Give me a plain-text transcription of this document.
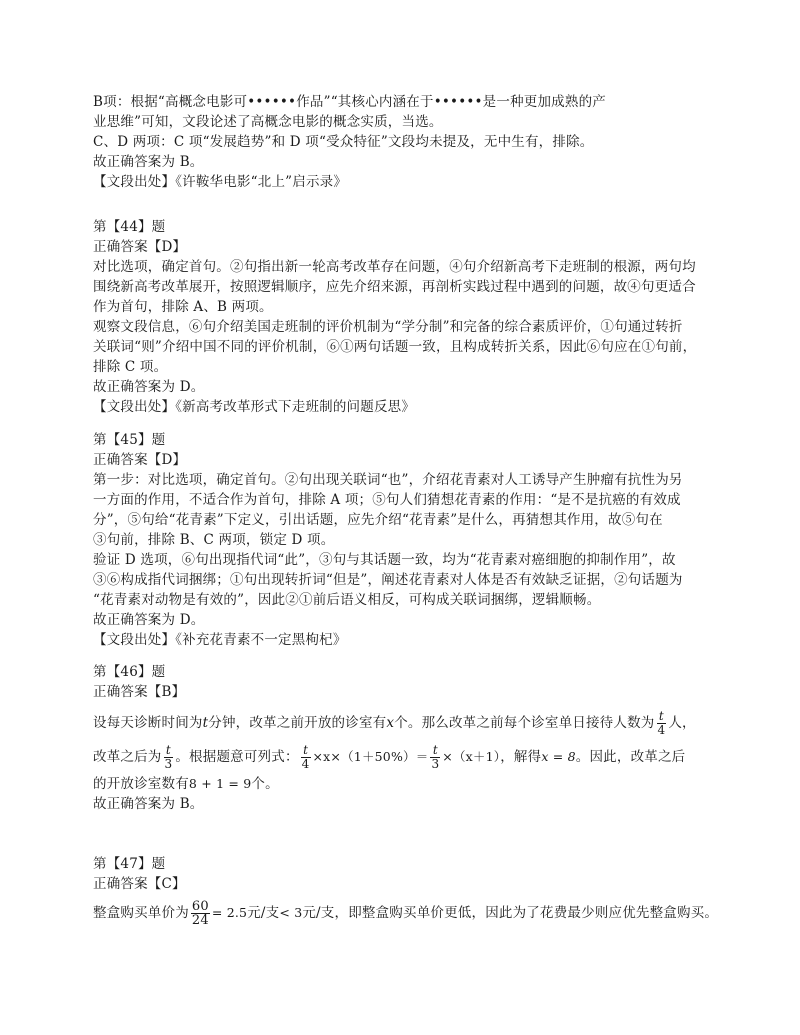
B项：根据“高概念电影可••••••作品”“其核心内涵在于••••••是一种更加成熟的产
业思维”可知，文段论述了高概念电影的概念实质，当选。
C、D 两项：C 项“发展趋势”和 D 项“受众特征”文段均未提及，无中生有，排除。
故正确答案为 B。
【文段出处】《许鞍华电影“北上”启示录》
第【44】题
正确答案【D】
对比选项，确定首句。②句指出新一轮高考改革存在问题，④句介绍新高考下走班制的根源，两句均
围绕新高考改革展开，按照逻辑顺序，应先介绍来源，再剖析实践过程中遇到的问题，故④句更适合
作为首句，排除 A、B 两项。
观察文段信息，⑥句介绍美国走班制的评价机制为“学分制”和完备的综合素质评价，①句通过转折
关联词“则”介绍中国不同的评价机制，⑥①两句话题一致，且构成转折关系，因此⑥句应在①句前，
排除 C 项。
故正确答案为 D。
【文段出处】《新高考改革形式下走班制的问题反思》
第【45】题
正确答案【D】
第一步：对比选项，确定首句。②句出现关联词“也”，介绍花青素对人工诱导产生肿瘤有抗性为另
一方面的作用，不适合作为首句，排除 A 项；⑤句人们猜想花青素的作用：“是不是抗癌的有效成
分”，⑤句给“花青素”下定义，引出话题，应先介绍“花青素”是什么，再猜想其作用，故⑤句在
③句前，排除 B、C 两项，锁定 D 项。
验证 D 选项，⑥句出现指代词“此”，③句与其话题一致，均为“花青素对癌细胞的抑制作用”，故
③⑥构成指代词捆绑；①句出现转折词“但是”，阐述花青素对人体是否有效缺乏证据，②句话题为
“花青素对动物是有效的”，因此②①前后语义相反，可构成关联词捆绑，逻辑顺畅。
故正确答案为 D。
【文段出处】《补充花青素不一定黑枸杞》
第【46】题
正确答案【B】
设每天诊断时间为t分钟，改革之前开放的诊室有x个。那么改革之前每个诊室单日接待人数为 $\frac{t}{4}$ 人，
改革之后为 $\frac{t}{3}$ 。根据题意可列式： $\frac{t}{4} \times x\times(1+50\%)= \frac{t}{3} \times(x+1)$，解得x = 8。因此，改革之后
的开放诊室数有8 + 1 = 9个。
故正确答案为 B。
第【47】题
正确答案【C】
整盒购买单价为 $\frac{60}{24} = 2.5$元/支< 3元/支，即整盒购买单价更低，因此为了花费最少则应优先整盒购买。
